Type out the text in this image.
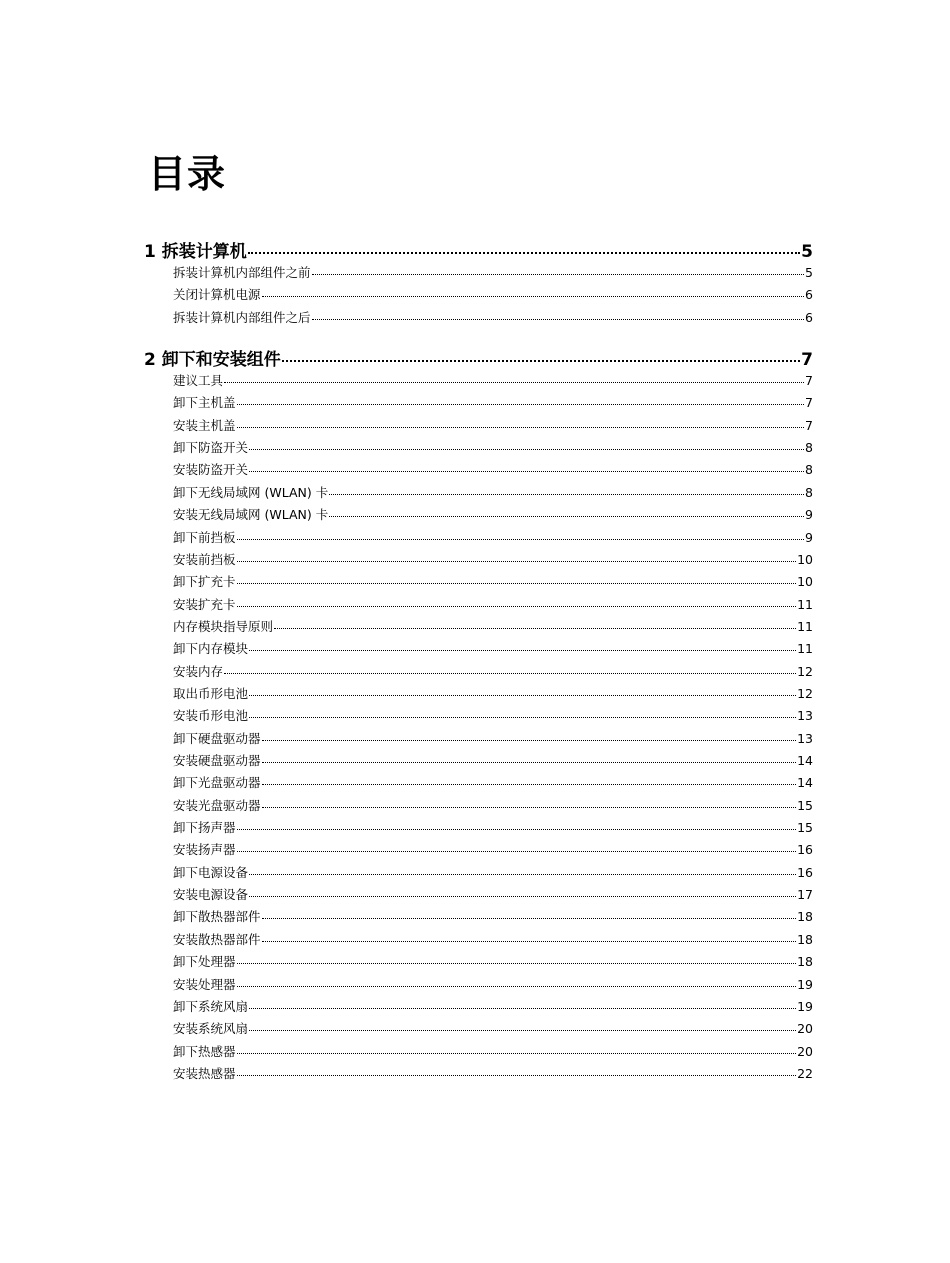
目录
1 拆装计算机	5
拆装计算机内部组件之前	5
关闭计算机电源	6
拆装计算机内部组件之后	6
2 卸下和安装组件	7
建议工具	7
卸下主机盖	7
安装主机盖	7
卸下防盗开关	8
安装防盗开关	8
卸下无线局域网 (WLAN) 卡	8
安装无线局域网 (WLAN) 卡	9
卸下前挡板	9
安装前挡板	10
卸下扩充卡	10
安装扩充卡	11
内存模块指导原则	11
卸下内存模块	11
安装内存	12
取出币形电池	12
安装币形电池	13
卸下硬盘驱动器	13
安装硬盘驱动器	14
卸下光盘驱动器	14
安装光盘驱动器	15
卸下扬声器	15
安装扬声器	16
卸下电源设备	16
安装电源设备	17
卸下散热器部件	18
安装散热器部件	18
卸下处理器	18
安装处理器	19
卸下系统风扇	19
安装系统风扇	20
卸下热感器	20
安装热感器	22
